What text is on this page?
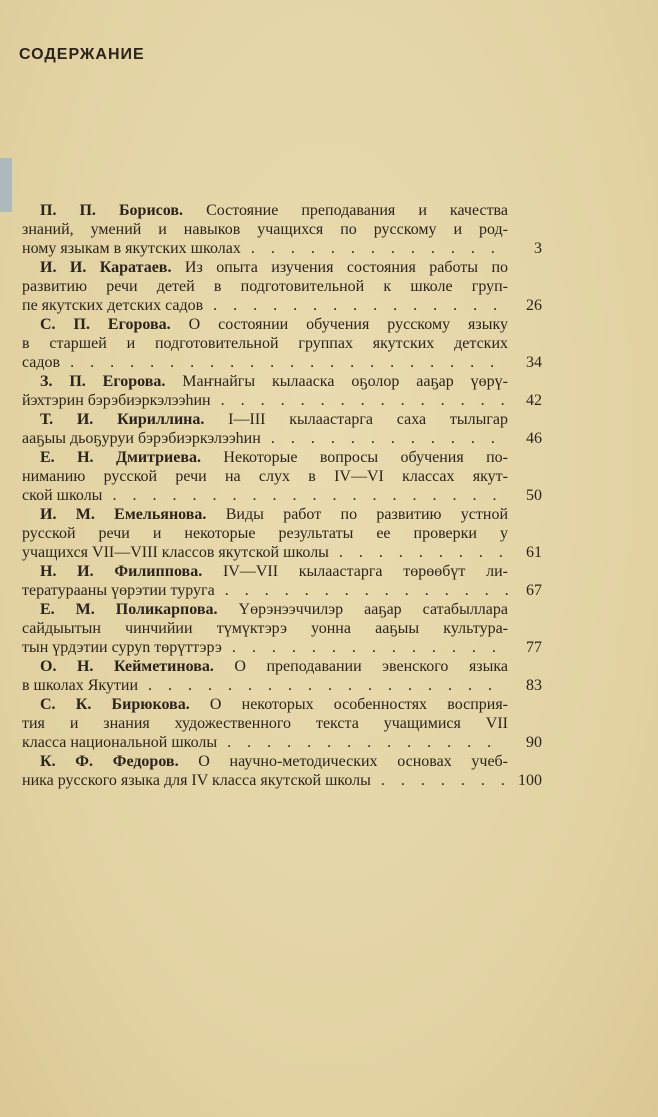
СОДЕРЖАНИЕ
П. П. Борисов. Состояние преподавания и качества
знаний, умений и навыков учащихся по русскому и род-
ному языкам в якутских школах . . .	3
И. И. Каратаев. Из опыта изучения состояния работы по
развитию речи детей в подготовительной к школе груп-
пе якутских детских садов . . .	26
С. П. Егорова. О состоянии обучения русскому языку
в старшей и подготовительной группах якутских детских
садов . . .	34
З. П. Егорова. Маҥнайгы кылааска оҕолор ааҕар үөрү-
йэхтэрин бэрэбиэркэлээһин . . .	42
Т. И. Кириллина. I—III кылаастарга саха тылыгар
ааҕыы дьоҕуруи бэрэбиэркэлээһин . . .	46
Е. Н. Дмитриева. Некоторые вопросы обучения по-
ниманию русской речи на слух в IV—VI классах якут-
ской школы . . .	50
И. М. Емельянова. Виды работ по развитию устной
русской речи и некоторые результаты ее проверки у
учащихся VII—VIII классов якутской школы . . .	61
Н. И. Филиппова. IV—VII кылаастарга төрөөбүт ли-
тературааны үөрэтии туруга . . .	67
Е. М. Поликарпова. Үөрэнээччилэр ааҕар сатабыллара
сайдыытын чинчийии түмүктэрэ уонна ааҕыы культура-
тын үрдэтии суруn төрүттэрэ . . .	77
О. Н. Кейметинова. О преподавании эвенского языка
в школах Якутии . . .	83
С. К. Бирюкова. О некоторых особенностях восприя-
тия и знания художественного текста учащимися VII
класса национальной школы . . .	90
К. Ф. Федоров. О научно-методических основах учеб-
ника русского языка для IV класса якутской школы . . .	100
